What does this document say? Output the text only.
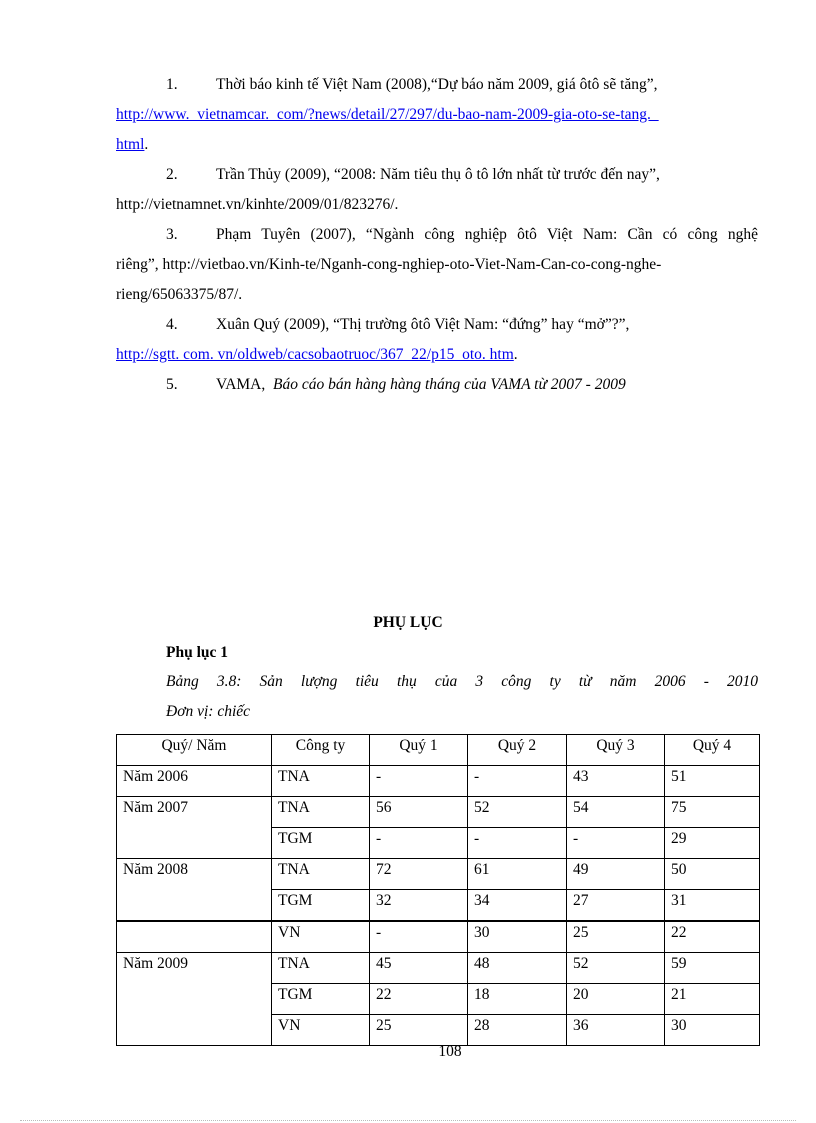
1. Thời báo kinh tế Việt Nam (2008),“Dự báo năm 2009, giá ôtô sẽ tăng”,
http://www.  vietnamcar.  com/?news/detail/27/297/du-bao-nam-2009-gia-oto-se-tang.
html.
2. Trần Thủy (2009), “2008: Năm tiêu thụ ô tô lớn nhất từ trước đến nay”,
http://vietnamnet.vn/kinhte/2009/01/823276/.
3. Phạm Tuyên (2007), “Ngành công nghiệp ôtô Việt Nam: Cần có công nghệ
riêng”, http://vietbao.vn/Kinh-te/Nganh-cong-nghiep-oto-Viet-Nam-Can-co-cong-nghe-
rieng/65063375/87/.
4. Xuân Quý (2009), “Thị trường ôtô Việt Nam: “đứng” hay “mở”?”,
http://sgtt. com. vn/oldweb/cacsobaotruoc/367_22/p15_oto. htm.
5. VAMA, Báo cáo bán hàng hàng tháng của VAMA từ 2007 - 2009
PHỤ LỤC
Phụ lục 1
Bảng 3.8: Sản lượng tiêu thụ của 3 công ty từ năm 2006 - 2010
Đơn vị: chiếc
Quý/ Năm	Công ty	Quý 1	Quý 2	Quý 3	Quý 4
Năm 2006	TNA	-	-	43	51
Năm 2007	TNA	56	52	54	75
	TGM	-	-	-	29
Năm 2008	TNA	72	61	49	50
	TGM	32	34	27	31
	VN	-	30	25	22
Năm 2009	TNA	45	48	52	59
	TGM	22	18	20	21
	VN	25	28	36	30
108
